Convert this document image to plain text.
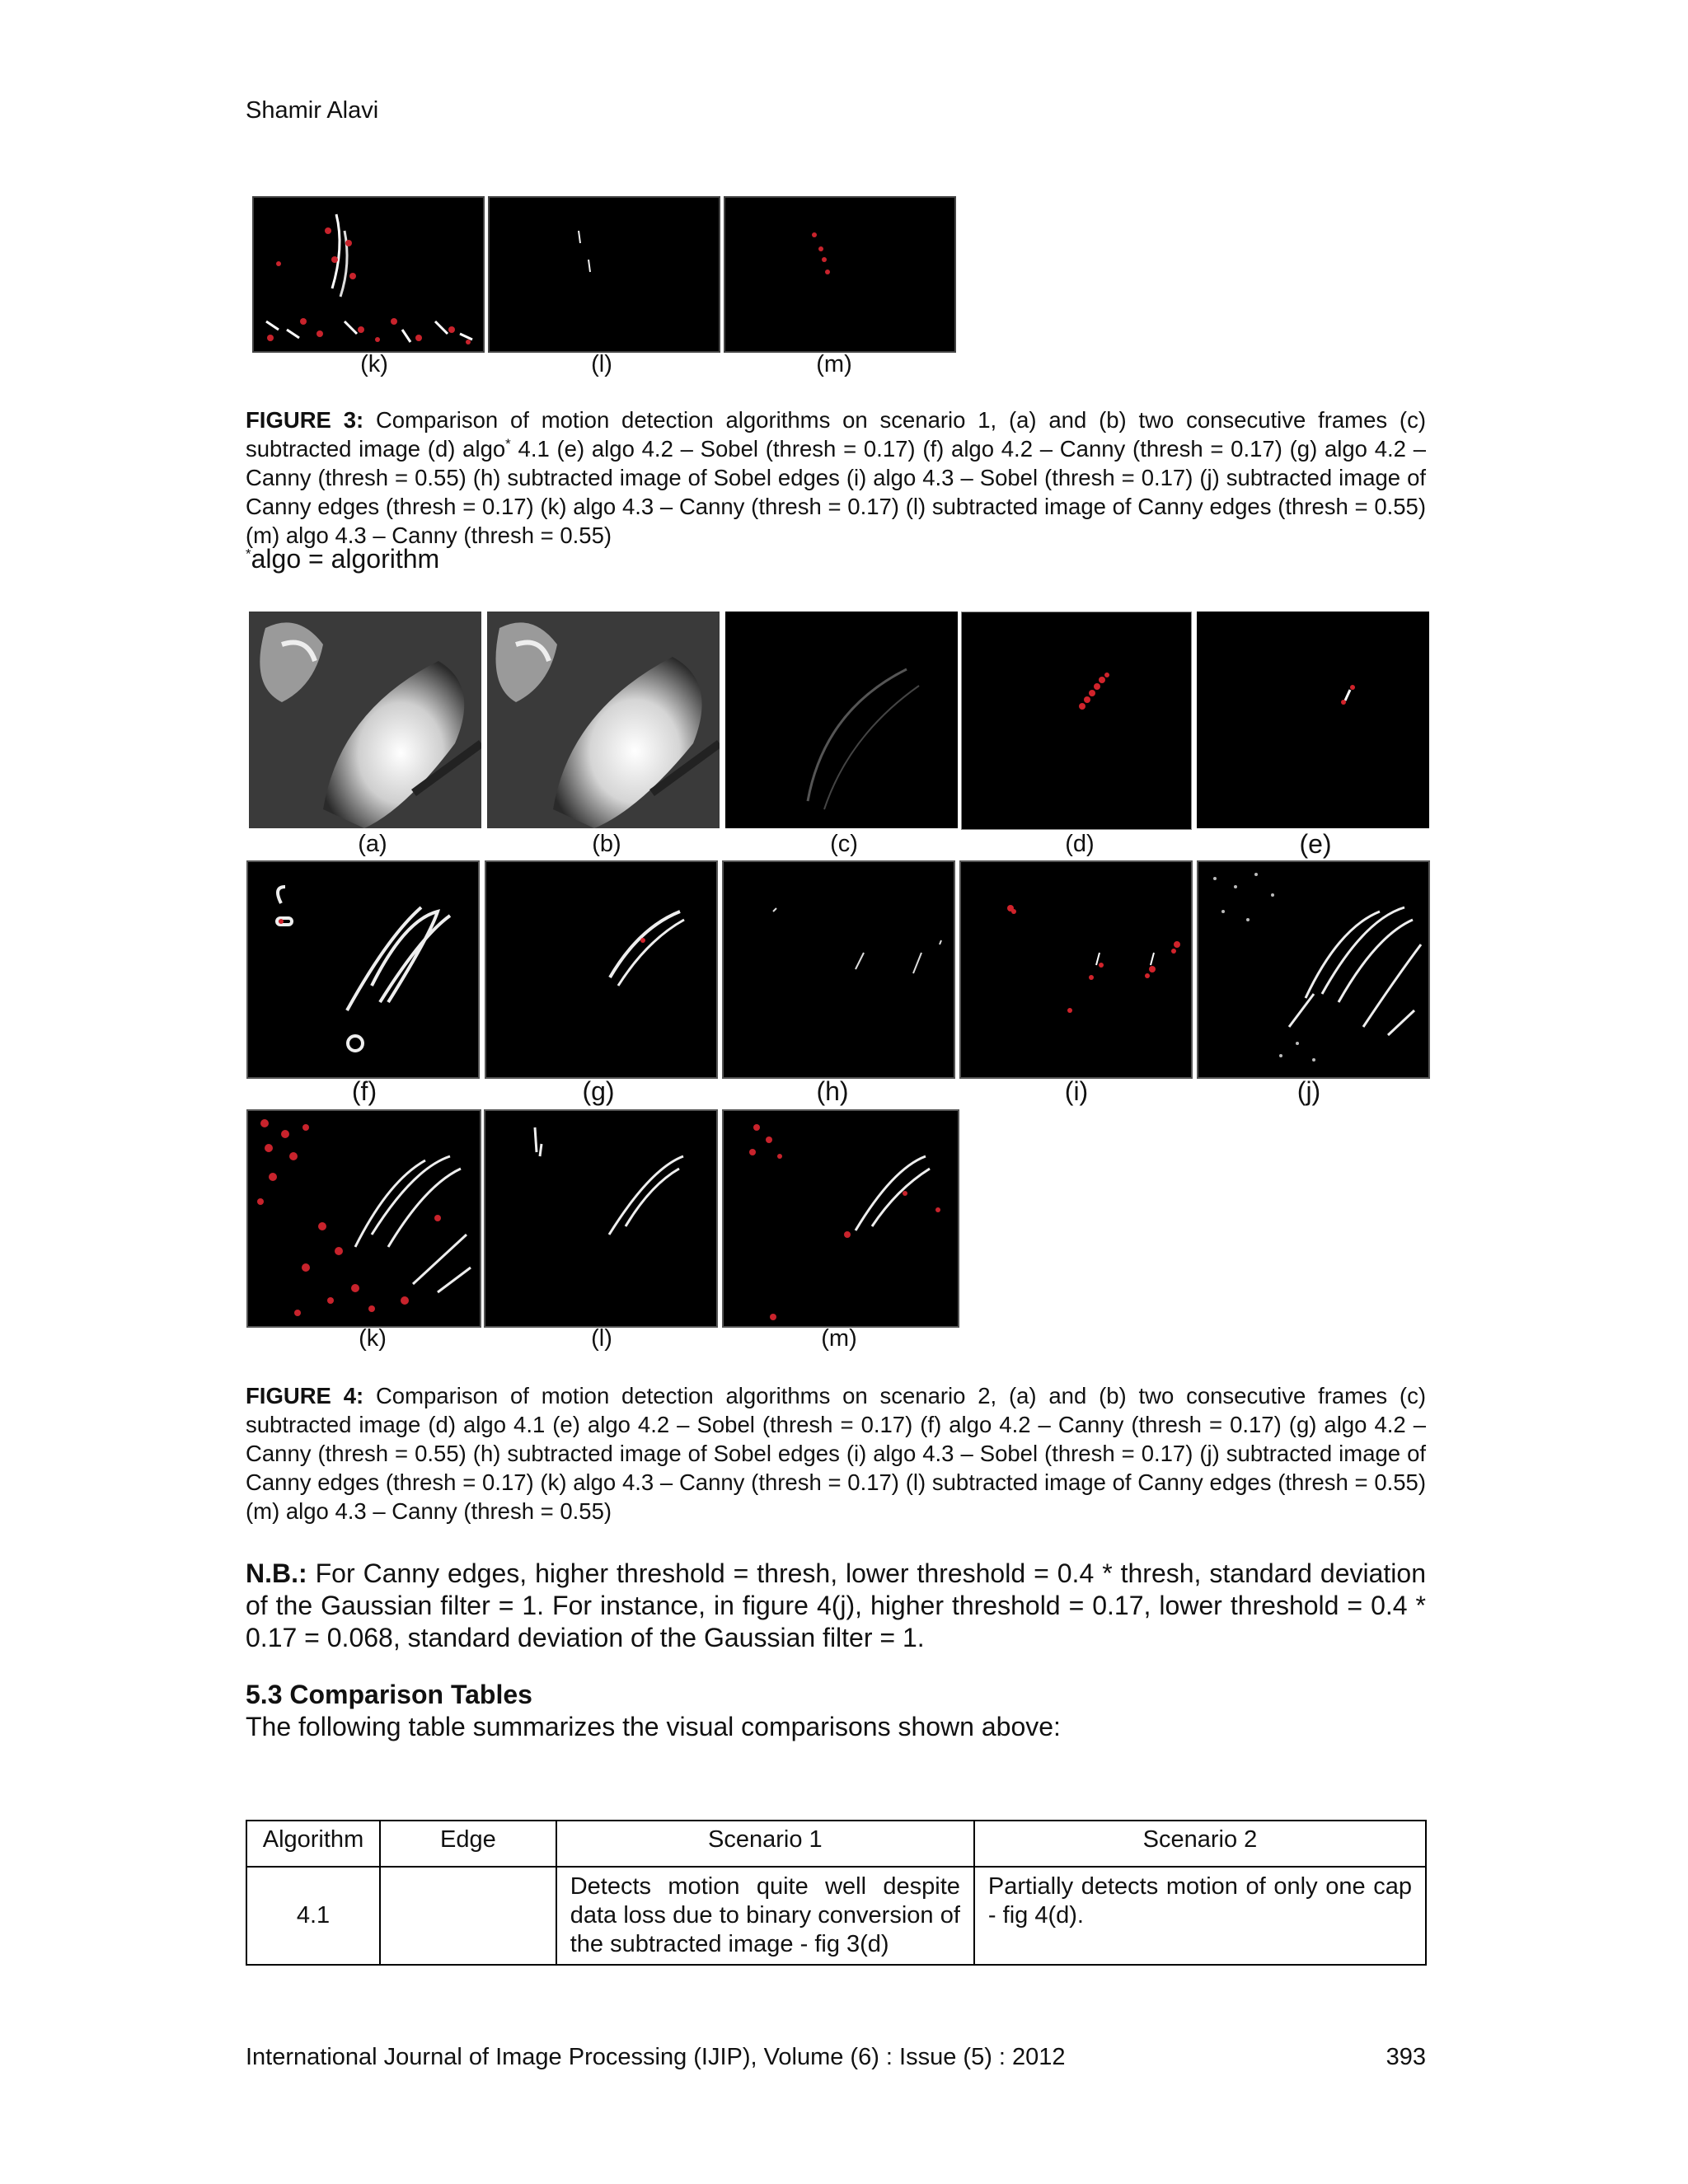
Shamir Alavi
(k)	(l)	(m)
FIGURE 3: Comparison of motion detection algorithms on scenario 1, (a) and (b) two consecutive frames (c) subtracted image (d) algo* 4.1 (e) algo 4.2 – Sobel (thresh = 0.17) (f) algo 4.2 – Canny (thresh = 0.17) (g) algo 4.2 – Canny (thresh = 0.55) (h) subtracted image of Sobel edges (i) algo 4.3 – Sobel (thresh = 0.17) (j) subtracted image of Canny edges (thresh = 0.17) (k) algo 4.3 – Canny (thresh = 0.17) (l) subtracted image of Canny edges (thresh = 0.55) (m) algo 4.3 – Canny (thresh = 0.55)
*algo = algorithm
(a)	(b)	(c)	(d)	(e)
(f)	(g)	(h)	(i)	(j)
(k)	(l)	(m)
FIGURE 4: Comparison of motion detection algorithms on scenario 2, (a) and (b) two consecutive frames (c) subtracted image (d) algo 4.1 (e) algo 4.2 – Sobel (thresh = 0.17) (f) algo 4.2 – Canny (thresh = 0.17) (g) algo 4.2 – Canny (thresh = 0.55) (h) subtracted image of Sobel edges (i) algo 4.3 – Sobel (thresh = 0.17) (j) subtracted image of Canny edges (thresh = 0.17) (k) algo 4.3 – Canny (thresh = 0.17) (l) subtracted image of Canny edges (thresh = 0.55) (m) algo 4.3 – Canny (thresh = 0.55)
N.B.: For Canny edges, higher threshold = thresh, lower threshold = 0.4 * thresh, standard deviation of the Gaussian filter = 1. For instance, in figure 4(j), higher threshold = 0.17, lower threshold = 0.4 * 0.17 = 0.068, standard deviation of the Gaussian filter = 1.
5.3 Comparison Tables
The following table summarizes the visual comparisons shown above:
Algorithm	Edge	Scenario 1	Scenario 2
4.1		Detects motion quite well despite data loss due to binary conversion of the subtracted image - fig 3(d)	Partially detects motion of only one cap - fig 4(d).
International Journal of Image Processing (IJIP), Volume (6) : Issue (5) : 2012	393
